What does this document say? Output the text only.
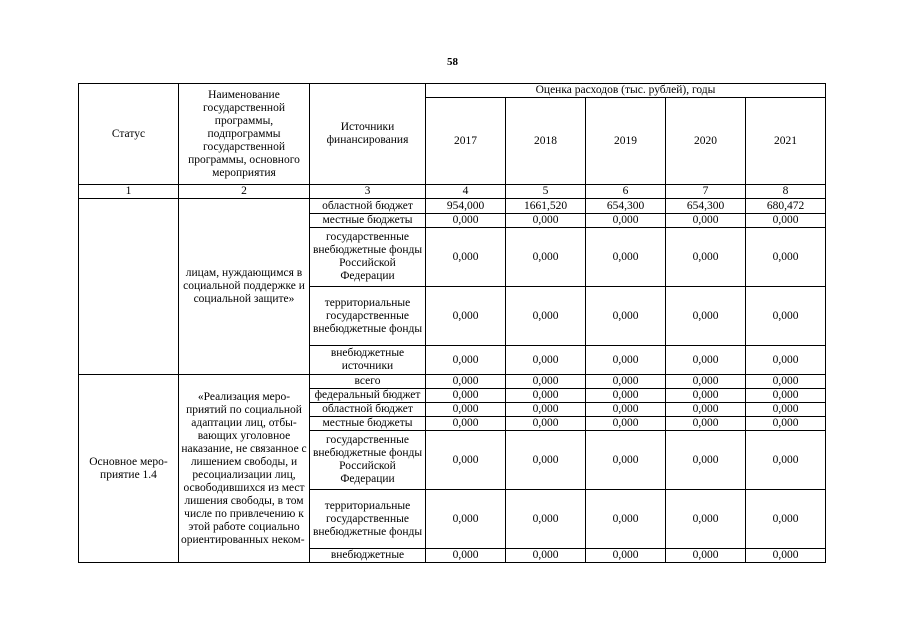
58
Статус	Наименование государственной программы, подпрограммы государственной программы, основного мероприятия	Источники финансирования	Оценка расходов (тыс. рублей), годы				
			2017	2018	2019	2020	2021
1	2	3	4	5	6	7	8
	лицам, нуждающимся в социальной поддержке и социальной защите»	областной бюджет	954,000	1661,520	654,300	654,300	680,472
		местные бюджеты	0,000	0,000	0,000	0,000	0,000
		государственные внебюджетные фонды Российской Федерации	0,000	0,000	0,000	0,000	0,000
		территориальные государственные внебюджетные фонды	0,000	0,000	0,000	0,000	0,000
		внебюджетные источники	0,000	0,000	0,000	0,000	0,000
Основное мероприятие 1.4	«Реализация мероприятий по социальной адаптации лиц, отбывающих уголовное наказание, не связанное с лишением свободы, и ресоциализации лиц, освободившихся из мест лишения свободы, в том числе по привлечению к этой работе социально ориентированных неком-	всего	0,000	0,000	0,000	0,000	0,000
		федеральный бюджет	0,000	0,000	0,000	0,000	0,000
		областной бюджет	0,000	0,000	0,000	0,000	0,000
		местные бюджеты	0,000	0,000	0,000	0,000	0,000
		государственные внебюджетные фонды Российской Федерации	0,000	0,000	0,000	0,000	0,000
		территориальные государственные внебюджетные фонды	0,000	0,000	0,000	0,000	0,000
		внебюджетные	0,000	0,000	0,000	0,000	0,000
